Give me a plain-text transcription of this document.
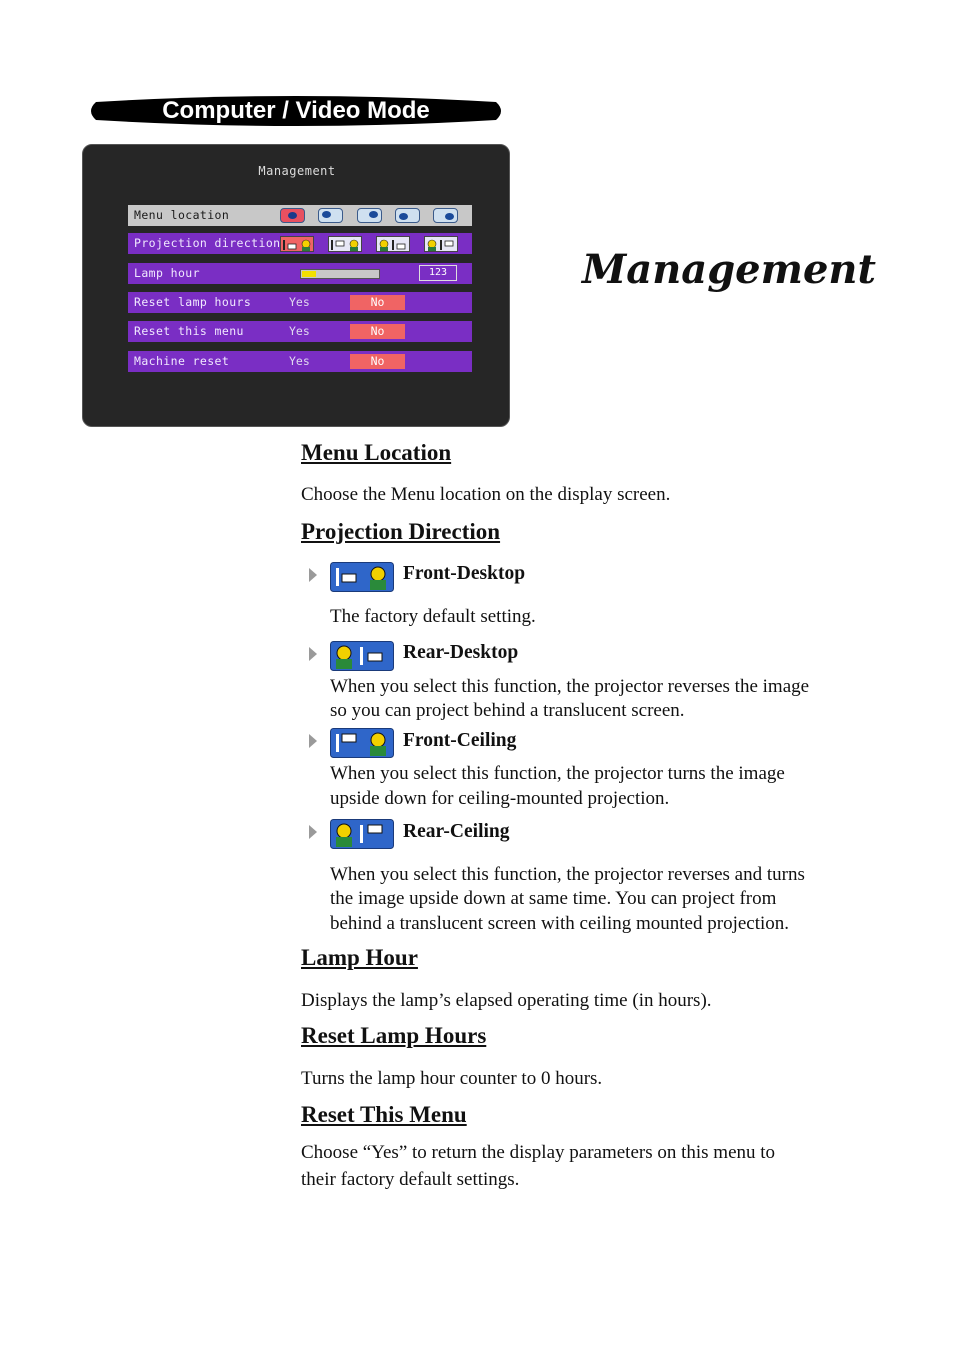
Computer / Video Mode
Management
Menu location
Projection direction
Lamp hour	123
Reset lamp hours	Yes	No
Reset this menu	Yes	No
Machine reset	Yes	No
Management
Menu Location
Choose the Menu location on the display screen.
Projection Direction
Front-Desktop
The factory default setting.
Rear-Desktop
When you select this function, the projector reverses the image
so you can project behind a translucent screen.
Front-Ceiling
When you select this function, the projector turns the image
upside down for ceiling-mounted projection.
Rear-Ceiling
When you select this function, the projector reverses and turns
the image upside down at same time. You can project from
behind a translucent screen with ceiling mounted projection.
Lamp Hour
Displays the lamp’s elapsed operating time (in hours).
Reset Lamp Hours
Turns the lamp hour counter to 0 hours.
Reset This Menu
Choose “Yes” to return the display parameters on this menu to
their factory default settings.
